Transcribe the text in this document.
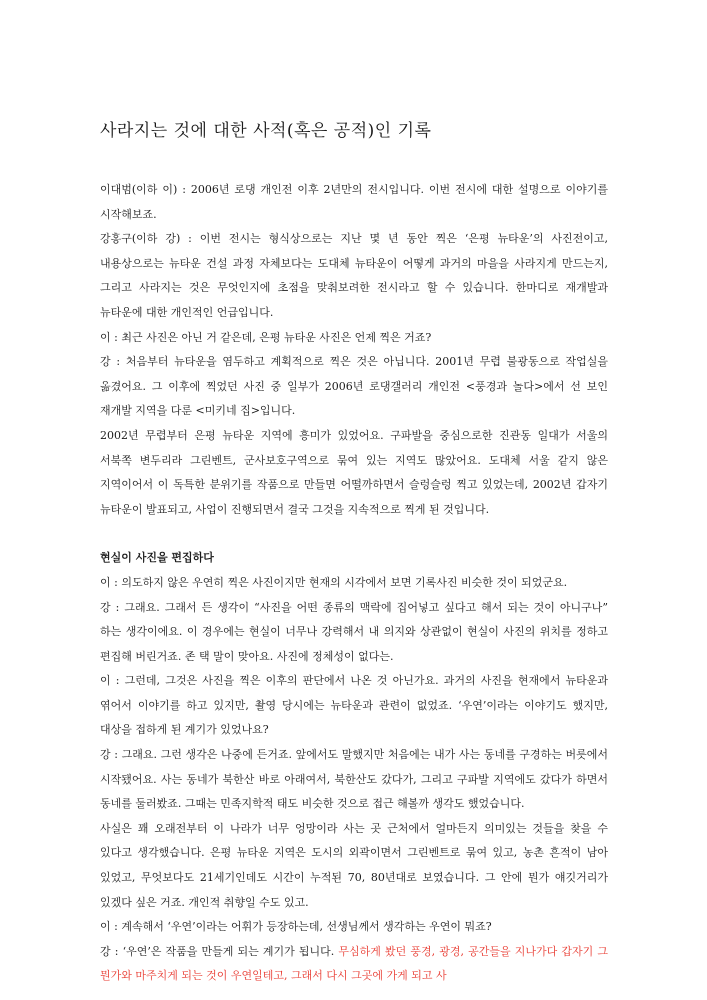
사라지는 것에 대한 사적(혹은 공적)인 기록

이대범(이하 이) : 2006년 로댕 개인전 이후 2년만의 전시입니다. 이번 전시에 대한 설명으로 이야기를 시작해보죠.

강홍구(이하 강) : 이번 전시는 형식상으로는 지난 몇 년 동안 찍은 ‘은평 뉴타운’의 사진전이고, 내용상으로는 뉴타운 건설 과정 자체보다는 도대체 뉴타운이 어떻게 과거의 마을을 사라지게 만드는지, 그리고 사라지는 것은 무엇인지에 초점을 맞춰보려한 전시라고 할 수 있습니다. 한마디로 재개발과 뉴타운에 대한 개인적인 언급입니다.

이 : 최근 사진은 아닌 거 같은데, 은평 뉴타운 사진은 언제 찍은 거죠?

강 : 처음부터 뉴타운을 염두하고 계획적으로 찍은 것은 아닙니다. 2001년 무렵 불광동으로 작업실을 옮겼어요. 그 이후에 찍었던 사진 중 일부가 2006년 로댕갤러리 개인전 <풍경과 놀다>에서 선 보인 재개발 지역을 다룬 <미키네 집>입니다.

2002년 무렵부터 은평 뉴타운 지역에 흥미가 있었어요. 구파발을 중심으로한 진관동 일대가 서울의 서북쪽 변두리라 그린벤트, 군사보호구역으로 묶여 있는 지역도 많았어요. 도대체 서울 같지 않은 지역이어서 이 독특한 분위기를 작품으로 만들면 어떨까하면서 슬렁슬렁 찍고 있었는데, 2002년 갑자기 뉴타운이 발표되고, 사업이 진행되면서 결국 그것을 지속적으로 찍게 된 것입니다.

현실이 사진을 편집하다

이 : 의도하지 않은 우연히 찍은 사진이지만 현재의 시각에서 보면 기록사진 비슷한 것이 되었군요.

강 : 그래요. 그래서 든 생각이 “사진을 어떤 종류의 맥락에 집어넣고 싶다고 해서 되는 것이 아니구나” 하는 생각이에요. 이 경우에는 현실이 너무나 강력해서 내 의지와 상관없이 현실이 사진의 위치를 정하고 편집해 버린거죠. 존 택 말이 맞아요. 사진에 정체성이 없다는.

이 : 그런데, 그것은 사진을 찍은 이후의 판단에서 나온 것 아닌가요. 과거의 사진을 현재에서 뉴타운과 엮어서 이야기를 하고 있지만, 촬영 당시에는 뉴타운과 관련이 없었죠. ‘우연’이라는 이야기도 했지만, 대상을 접하게 된 계기가 있었나요?

강 : 그래요. 그런 생각은 나중에 든거죠. 앞에서도 말했지만 처음에는 내가 사는 동네를 구경하는 버릇에서 시작됐어요. 사는 동네가 북한산 바로 아래여서, 북한산도 갔다가, 그리고 구파발 지역에도 갔다가 하면서 동네를 둘러봤죠. 그때는 민족지학적 태도 비슷한 것으로 접근 해볼까 생각도 했었습니다.

사실은 꽤 오래전부터 이 나라가 너무 엉망이라 사는 곳 근처에서 얼마든지 의미있는 것들을 찾을 수 있다고 생각했습니다. 은평 뉴타운 지역은 도시의 외곽이면서 그린벤트로 묶여 있고, 농촌 흔적이 남아 있었고, 무엇보다도 21세기인데도 시간이 누적된 70, 80년대로 보였습니다. 그 안에 뭔가 얘깃거리가 있겠다 싶은 거죠. 개인적 취향일 수도 있고.

이 : 계속해서 ‘우연’이라는 어휘가 등장하는데, 선생님께서 생각하는 우연이 뭐죠?

강 : ‘우연’은 작품을 만들게 되는 계기가 됩니다. 무심하게 봤던 풍경, 광경, 공간들을 지나가다 갑자기 그 뭔가와 마주치게 되는 것이 우연일테고, 그래서 다시 그곳에 가게 되고 사
